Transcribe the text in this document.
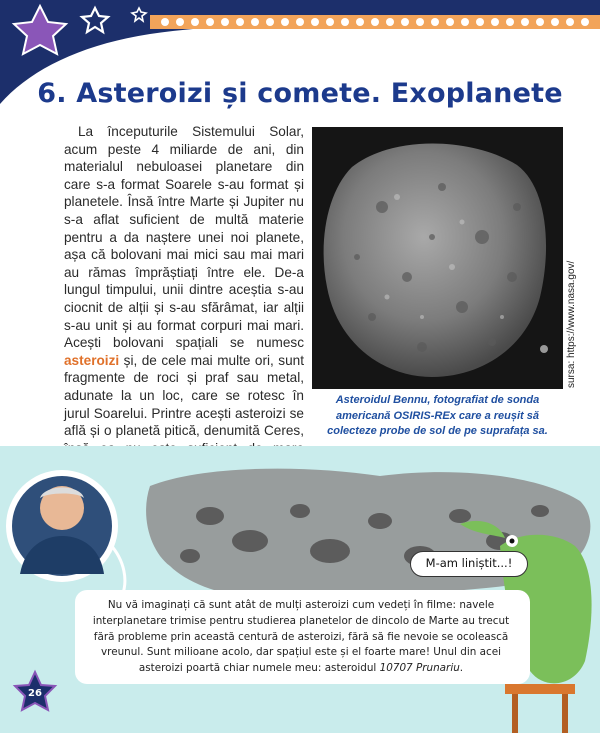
6. Asteroizi și comete. Exoplanete

La începuturile Sistemului Solar, acum peste 4 miliarde de ani, din materialul nebuloasei planetare din care s-a format Soarele s-au format și planetele. Însă între Marte și Jupiter nu s-a aflat suficient de multă materie pentru a da naștere unei noi planete, așa că bolovani mai mici sau mai mari au rămas împrăștiați între ele. De-a lungul timpului, unii dintre aceștia s-au ciocnit de alții și s-au sfărâmat, iar alții s-au unit și au format corpuri mai mari. Acești bolovani spațiali se numesc asteroizi și, de cele mai multe ori, sunt fragmente de roci și praf sau metal, adunate la un loc, care se rotesc în jurul Soarelui. Printre acești asteroizi se află și o planetă pitică, denumită Ceres,

sursa: https://www.nasa.gov/

Asteroidul Bennu, fotografiat de sonda americană OSIRIS-REx care a reușit să colecteze probe de sol de pe suprafața sa.

M-am liniștit...!

Nu vă imaginați că sunt atât de mulți asteroizi cum vedeți în filme: navele interplanetare trimise pentru studierea planetelor de dincolo de Marte au trecut fără probleme prin această centură de asteroizi, fără să fie nevoie se ocolească vreunul. Sunt milioane acolo, dar spațiul este și el foarte mare! Unul din acei asteroizi poartă chiar numele meu: asteroidul 10707 Prunariu.

26
